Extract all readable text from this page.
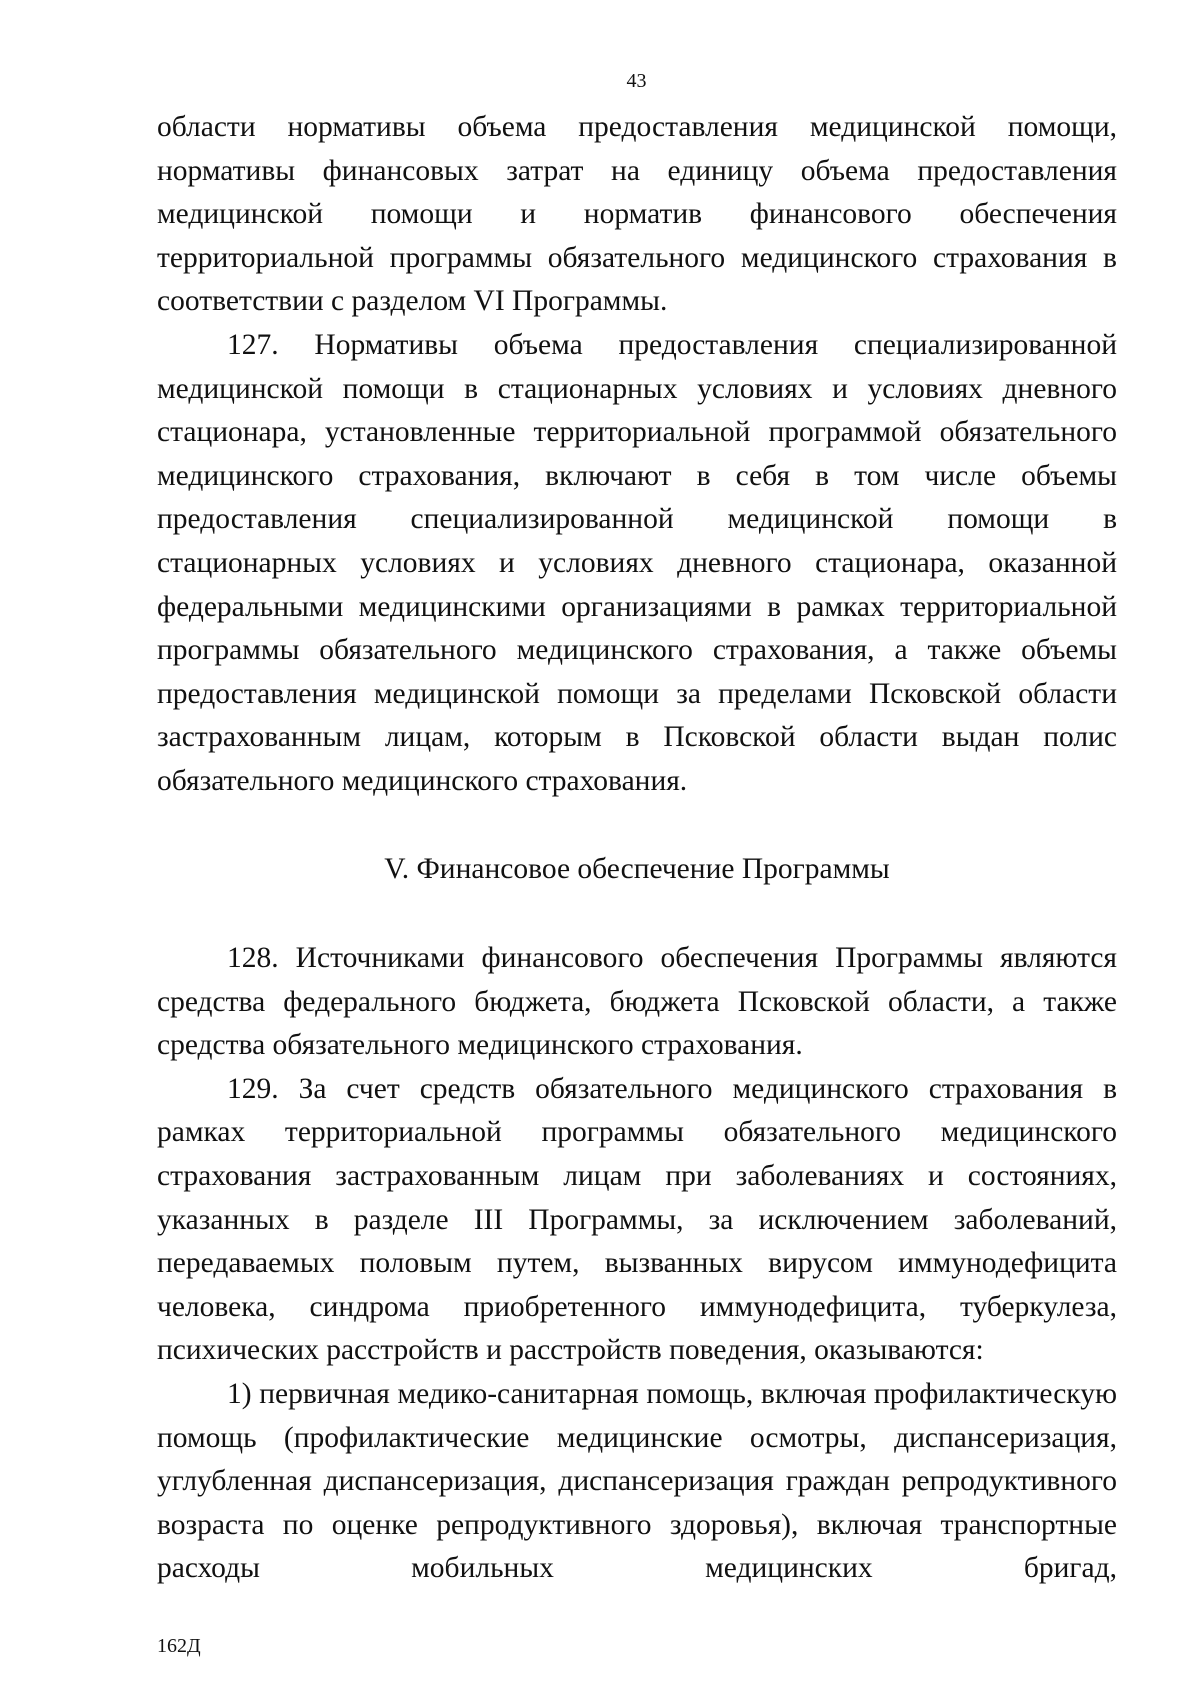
43

области нормативы объема предоставления медицинской помощи, нормативы финансовых затрат на единицу объема предоставления медицинской помощи и норматив финансового обеспечения территориальной программы обязательного медицинского страхования в соответствии с разделом VI Программы.

127. Нормативы объема предоставления специализированной медицинской помощи в стационарных условиях и условиях дневного стационара, установленные территориальной программой обязательного медицинского страхования, включают в себя в том числе объемы предоставления специализированной медицинской помощи в стационарных условиях и условиях дневного стационара, оказанной федеральными медицинскими организациями в рамках территориальной программы обязательного медицинского страхования, а также объемы предоставления медицинской помощи за пределами Псковской области застрахованным лицам, которым в Псковской области выдан полис обязательного медицинского страхования.

V. Финансовое обеспечение Программы

128. Источниками финансового обеспечения Программы являются средства федерального бюджета, бюджета Псковской области, а также средства обязательного медицинского страхования.

129. За счет средств обязательного медицинского страхования в рамках территориальной программы обязательного медицинского страхования застрахованным лицам при заболеваниях и состояниях, указанных в разделе III Программы, за исключением заболеваний, передаваемых половым путем, вызванных вирусом иммунодефицита человека, синдрома приобретенного иммунодефицита, туберкулеза, психических расстройств и расстройств поведения, оказываются:

1) первичная медико-санитарная помощь, включая профилактическую помощь (профилактические медицинские осмотры, диспансеризация, углубленная диспансеризация, диспансеризация граждан репродуктивного возраста по оценке репродуктивного здоровья), включая транспортные расходы мобильных медицинских бригад,

162Д
